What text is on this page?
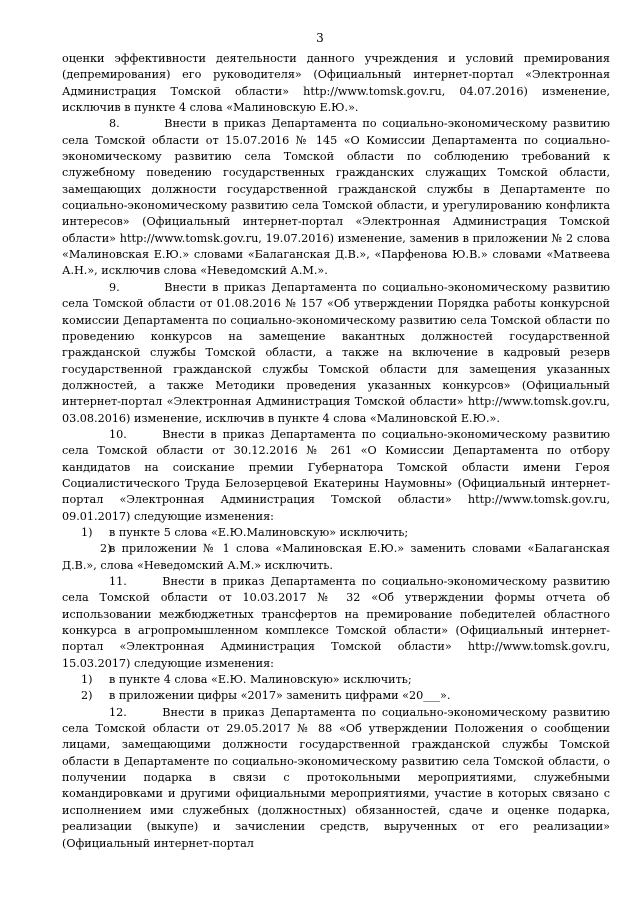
3

оценки эффективности деятельности данного учреждения и условий премирования (депремирования) его руководителя» (Официальный интернет-портал «Электронная Администрация Томской области» http://www.tomsk.gov.ru, 04.07.2016) изменение, исключив в пункте 4 слова «Малиновскую Е.Ю.».

8.        Внести в приказ Департамента по социально-экономическому развитию села Томской области от 15.07.2016 № 145 «О Комиссии Департамента по социально-экономическому развитию села Томской области по соблюдению требований к служебному поведению государственных гражданских служащих Томской области, замещающих должности государственной гражданской службы в Департаменте по социально-экономическому развитию села Томской области, и урегулированию конфликта интересов» (Официальный интернет-портал «Электронная Администрация Томской области» http://www.tomsk.gov.ru, 19.07.2016) изменение, заменив в приложении № 2 слова «Малиновская Е.Ю.» словами «Балаганская Д.В.», «Парфенова Ю.В.» словами «Матвеева А.Н.», исключив слова «Неведомский А.М.».

9.        Внести в приказ Департамента по социально-экономическому развитию села Томской области от 01.08.2016 № 157 «Об утверждении Порядка работы конкурсной комиссии Департамента по социально-экономическому развитию села Томской области по проведению конкурсов на замещение вакантных должностей государственной гражданской службы Томской области, а также на включение в кадровый резерв государственной гражданской службы Томской области для замещения указанных должностей, а также Методики проведения указанных конкурсов» (Официальный интернет-портал «Электронная Администрация Томской области» http://www.tomsk.gov.ru, 03.08.2016) изменение, исключив в пункте 4 слова «Малиновской Е.Ю.».

10.      Внести в приказ Департамента по социально-экономическому развитию села Томской области от 30.12.2016 № 261 «О Комиссии Департамента по отбору кандидатов на соискание премии Губернатора Томской области имени Героя Социалистического Труда Белозерцевой Екатерины Наумовны» (Официальный интернет-портал «Электронная Администрация Томской области» http://www.tomsk.gov.ru, 09.01.2017) следующие изменения:

1) в пункте 5 слова «Е.Ю.Малиновскую» исключить;

2)в приложении № 1 слова «Малиновская Е.Ю.» заменить словами «Балаганская Д.В.», слова «Неведомский А.М.» исключить.

11.      Внести в приказ Департамента по социально-экономическому развитию села Томской области от 10.03.2017 № 32 «Об утверждении формы отчета об использовании межбюджетных трансфертов на премирование победителей областного конкурса в агропромышленном комплексе Томской области» (Официальный интернет-портал «Электронная Администрация Томской области» http://www.tomsk.gov.ru, 15.03.2017) следующие изменения:

1) в пункте 4 слова «Е.Ю. Малиновскую» исключить;

2) в приложении цифры «2017» заменить цифрами «20___».

12.      Внести в приказ Департамента по социально-экономическому развитию села Томской области от 29.05.2017 № 88 «Об утверждении Положения о сообщении лицами, замещающими должности государственной гражданской службы Томской области в Департаменте по социально-экономическому развитию села Томской области, о получении подарка в связи с протокольными мероприятиями, служебными командировками и другими официальными мероприятиями, участие в которых связано с исполнением ими служебных (должностных) обязанностей, сдаче и оценке подарка, реализации (выкупе) и зачислении средств, вырученных от его реализации» (Официальный интернет-портал
